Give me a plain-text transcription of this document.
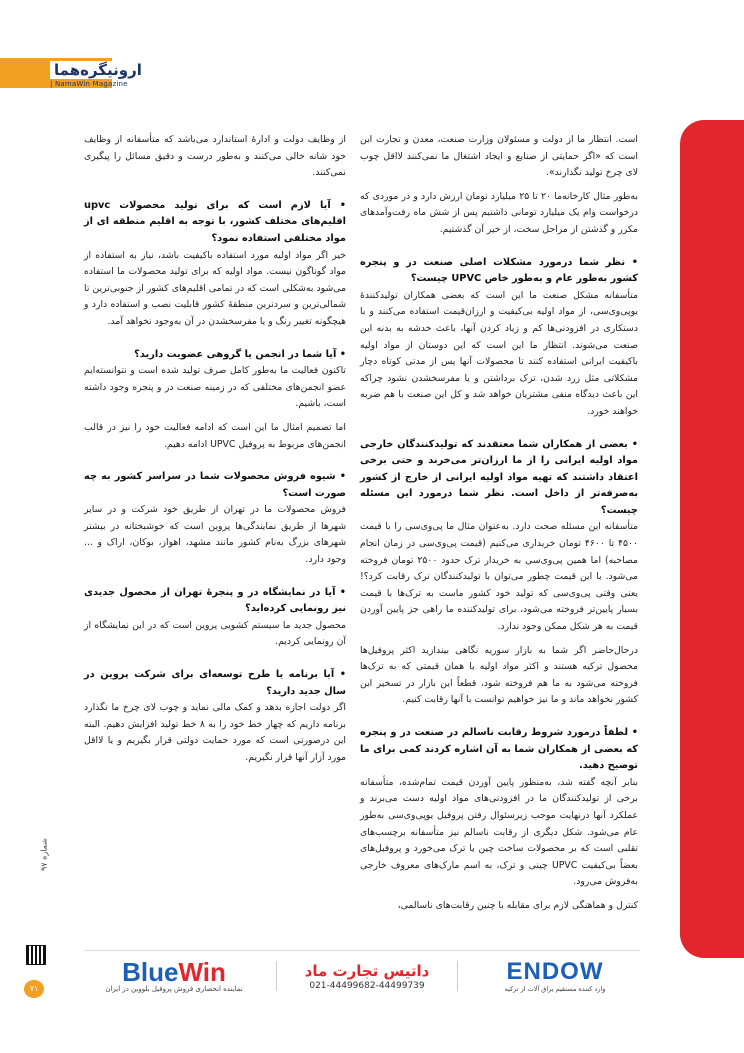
ارونیگره‌هما
| NamaWin Magazine

است. انتظار ما از دولت و مسئولان وزارت صنعت، معدن و تجارت این است که «اگر حمایتی از صنایع و ایجاد اشتغال ما نمی‌کنند لااقل چوب لای چرخ تولید نگذارند».

به‌طور مثال کارخانه‌ما ۲۰ تا ۲۵ میلیارد تومان ارزش دارد و در موردی که درخواست وام یک میلیارد تومانی داشتیم پس از شش ماه رفت‌وآمدهای مکرر و گذشتن از مراحل سخت، از خیر آن گذشتیم.

• نظر شما درمورد مشکلات اصلی صنعت در و پنجره کشور به‌طور عام و به‌طور خاص UPVC چیست؟

متأسفانه مشکل صنعت ما این است که بعضی همکاران تولیدکنندهٔ یوپی‌وی‌سی، از مواد اولیه بی‌کیفیت و ارزان‌قیمت استفاده می‌کنند و با دستکاری در افزودنی‌ها کم و زیاد کردن آنها، باعث خدشه به بدنه این صنعت می‌شوند. انتظار ما این است که این دوستان از مواد اولیه باکیفیت ایرانی استفاده کنند تا محصولات آنها پس از مدتی کوتاه دچار مشکلاتی مثل زرد شدن، ترک برداشتن و یا مفرسخشدن نشود چراکه این باعث دیدگاه منفی مشتریان خواهد شد و کل این صنعت با هم ضربه خواهند خورد.

• بعضی از همکاران شما معتقدند که تولیدکنندگان خارجی مواد اولیه ایرانی را از ما ارزان‌تر می‌خرند و حتی برخی اعتقاد داشتند که تهیه مواد اولیه ایرانی از خارج از کشور به‌صرفه‌تر از داخل است. نظر شما درمورد این مسئله چیست؟

متأسفانه این مسئله صحت دارد. به‌عنوان مثال ما پی‌وی‌سی را با قیمت ۴۵۰۰ تا ۴۶۰۰ تومان خریداری می‌کنیم (قیمت پی‌وی‌سی در زمان انجام مصاحبه) اما همین پی‌وی‌سی به خریدار ترک حدود ۲۵۰۰ تومان فروخته می‌شود. با این قیمت چطور می‌توان با تولیدکنندگان ترک رقابت کرد؟! یعنی وقتی پی‌وی‌سی که تولید خود کشور ماست به ترک‌ها با قیمت بسیار پایین‌تر فروخته می‌شود، برای تولیدکننده ما راهی جز پایین آوردن قیمت به هر شکل ممکن وجود ندارد.

درحال‌حاضر اگر شما به بازار سوریه نگاهی بیندازید اکثر پروفیل‌ها محصول ترکیه هستند و اکثر مواد اولیه با همان قیمتی که به ترک‌ها فروخته می‌شود به ما هم فروخته شود، قطعاً این بازار در تسخیر این کشور نخواهد ماند و ما نیز خواهیم توانست با آنها رقابت کنیم.

• لطفاً درمورد شروط رقابت ناسالم در صنعت در و پنجره که بعضی از همکاران شما به آن اشاره کردند کمی برای ما توضیح دهید.

بنابر آنچه گفته شد، به‌منظور پایین آوردن قیمت تمام‌شده، متأسفانه برخی از تولیدکنندگان ما در افزودنی‌های مواد اولیه دست می‌برند و عملکرد آنها درنهایت موجب زیرسئوال رفتن پروفیل یوپی‌وی‌سی به‌طور عام می‌شود. شکل دیگری از رقابت ناسالم نیز متأسفانه برچسب‌های تقلبی است که بر محصولات ساخت چین یا ترک می‌خورد و پروفیل‌های بعضاً بی‌کیفیت UPVC چینی و ترک، به اسم مارک‌های معروف خارجی به‌فروش می‌رود.

کنترل و هماهنگی لازم برای مقابله با چنین رقابت‌های ناسالمی،

از وظایف دولت و ادارهٔ استاندارد می‌باشد که متأسفانه از وظایف خود شانه خالی می‌کنند و به‌طور درست و دقیق مسائل را پیگیری نمی‌کنند.

• آیا لازم است که برای تولید محصولات upvc اقلیم‌های مختلف کشور، با توجه به اقلیم منطقه ای از مواد مختلفی استفاده نمود؟

خیر اگر مواد اولیه مورد استفاده باکیفیت باشد، نیاز به استفاده از مواد گوناگون نیست. مواد اولیه که برای تولید محصولات ما استفاده می‌شود به‌شکلی است که در تمامی اقلیم‌های کشور از جنوبی‌ترین تا شمالی‌ترین و سردترین منطقهٔ کشور قابلیت نصب و استفاده دارد و هیچگونه تغییر رنگ و یا مفرسخشدن در آن به‌وجود نخواهد آمد.

• آیا شما در انجمن یا گروهی عضویت دارید؟

تاکنون فعالیت ما به‌طور کامل صرف تولید شده است و نتوانسته‌ایم عضو انجمن‌های مختلفی که در زمینه صنعت در و پنجره وجود داشته است، باشیم.

اما تصمیم امثال ما این است که ادامه فعالیت خود را نیز در قالب انجمن‌های مربوط به پروفیل UPVC ادامه دهیم.

• شیوه فروش محصولات شما در سراسر کشور به چه صورت است؟

فروش محصولات ما در تهران از طریق خود شرکت و در سایر شهرها از طریق نمایندگی‌ها پروین است که خوشبختانه در بیشتر شهرهای بزرگ به‌نام کشور مانند مشهد، اهواز، بوکان، اراک و ... وجود دارد.

• آیا در نمایشگاه در و پنجرهٔ تهران از محصول جدیدی نیز رونمایی کرده‌اید؟

محصول جدید ما سیستم کشویی پروین است که در این نمایشگاه از آن رونمایی کردیم.

• آیا برنامه یا طرح توسعه‌ای برای شرکت پروین در سال جدید دارید؟

اگر دولت اجازه بدهد و کمک مالی نماید و چوب لای چرخ ما نگذارد برنامه داریم که چهار خط خود را به ۸ خط تولید افزایش دهیم. البته این درصورتی است که مورد حمایت دولتی قرار بگیریم و یا لااقل مورد آزار آنها قرار نگیریم.

شماره ۹۷
۷۱
BlueWin
نماینده انحصاری فروش پروفیل بلووین در ایران
داتیس تجارت ماد
021-44499682-44499739
ENDOW
وارد کننده مستقیم یراق آلات از ترکیه
